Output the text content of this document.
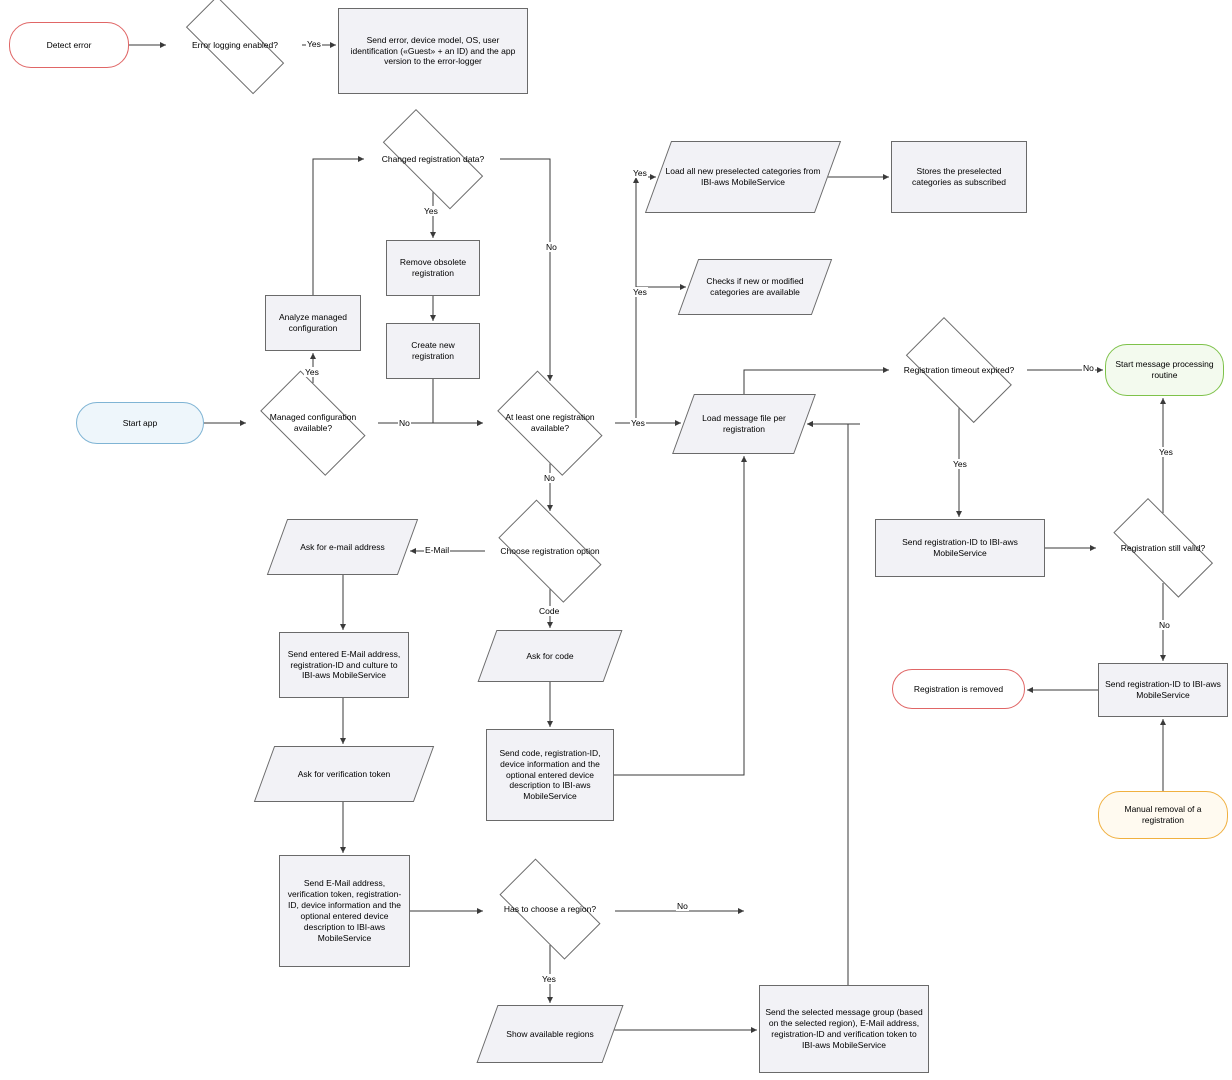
Detect error	Error logging enabled?	Send error, device model, OS, user identification («Guest» + an ID) and the app version to the error-logger
Changed registration data?
Load all new preselected categories from IBI-aws MobileService
Stores the preselected categories as subscribed
Remove obsolete registration
Checks if new or modified categories are available
Analyze managed configuration
Create new registration
Registration timeout expired?
Start message processing routine
Start app
Managed configuration available?
At least one registration available?
Load message file per registration
Choose registration option
Ask for e-mail address	Send registration-ID to IBI-aws MobileService
Registration still valid?
Ask for code
Send entered E-Mail address, registration-ID and culture to IBI-aws MobileService
Registration is removed	Send registration-ID to IBI-aws MobileService
Send code, registration-ID, device information and the optional entered device description to IBI-aws MobileService
Ask for verification token
Manual removal of a registration
Send E-Mail address, verification token, registration-ID, device information and the optional entered device description to IBI-aws MobileService
Has to choose a region?
Show available regions
Send the selected message group (based on the selected region), E-Mail address, registration-ID and verification token to IBI-aws MobileService
Yes
Yes
Yes
No
Yes
Yes	No
No	Yes
Yes
Yes
No
E-Mail
Code
No
No
Yes
